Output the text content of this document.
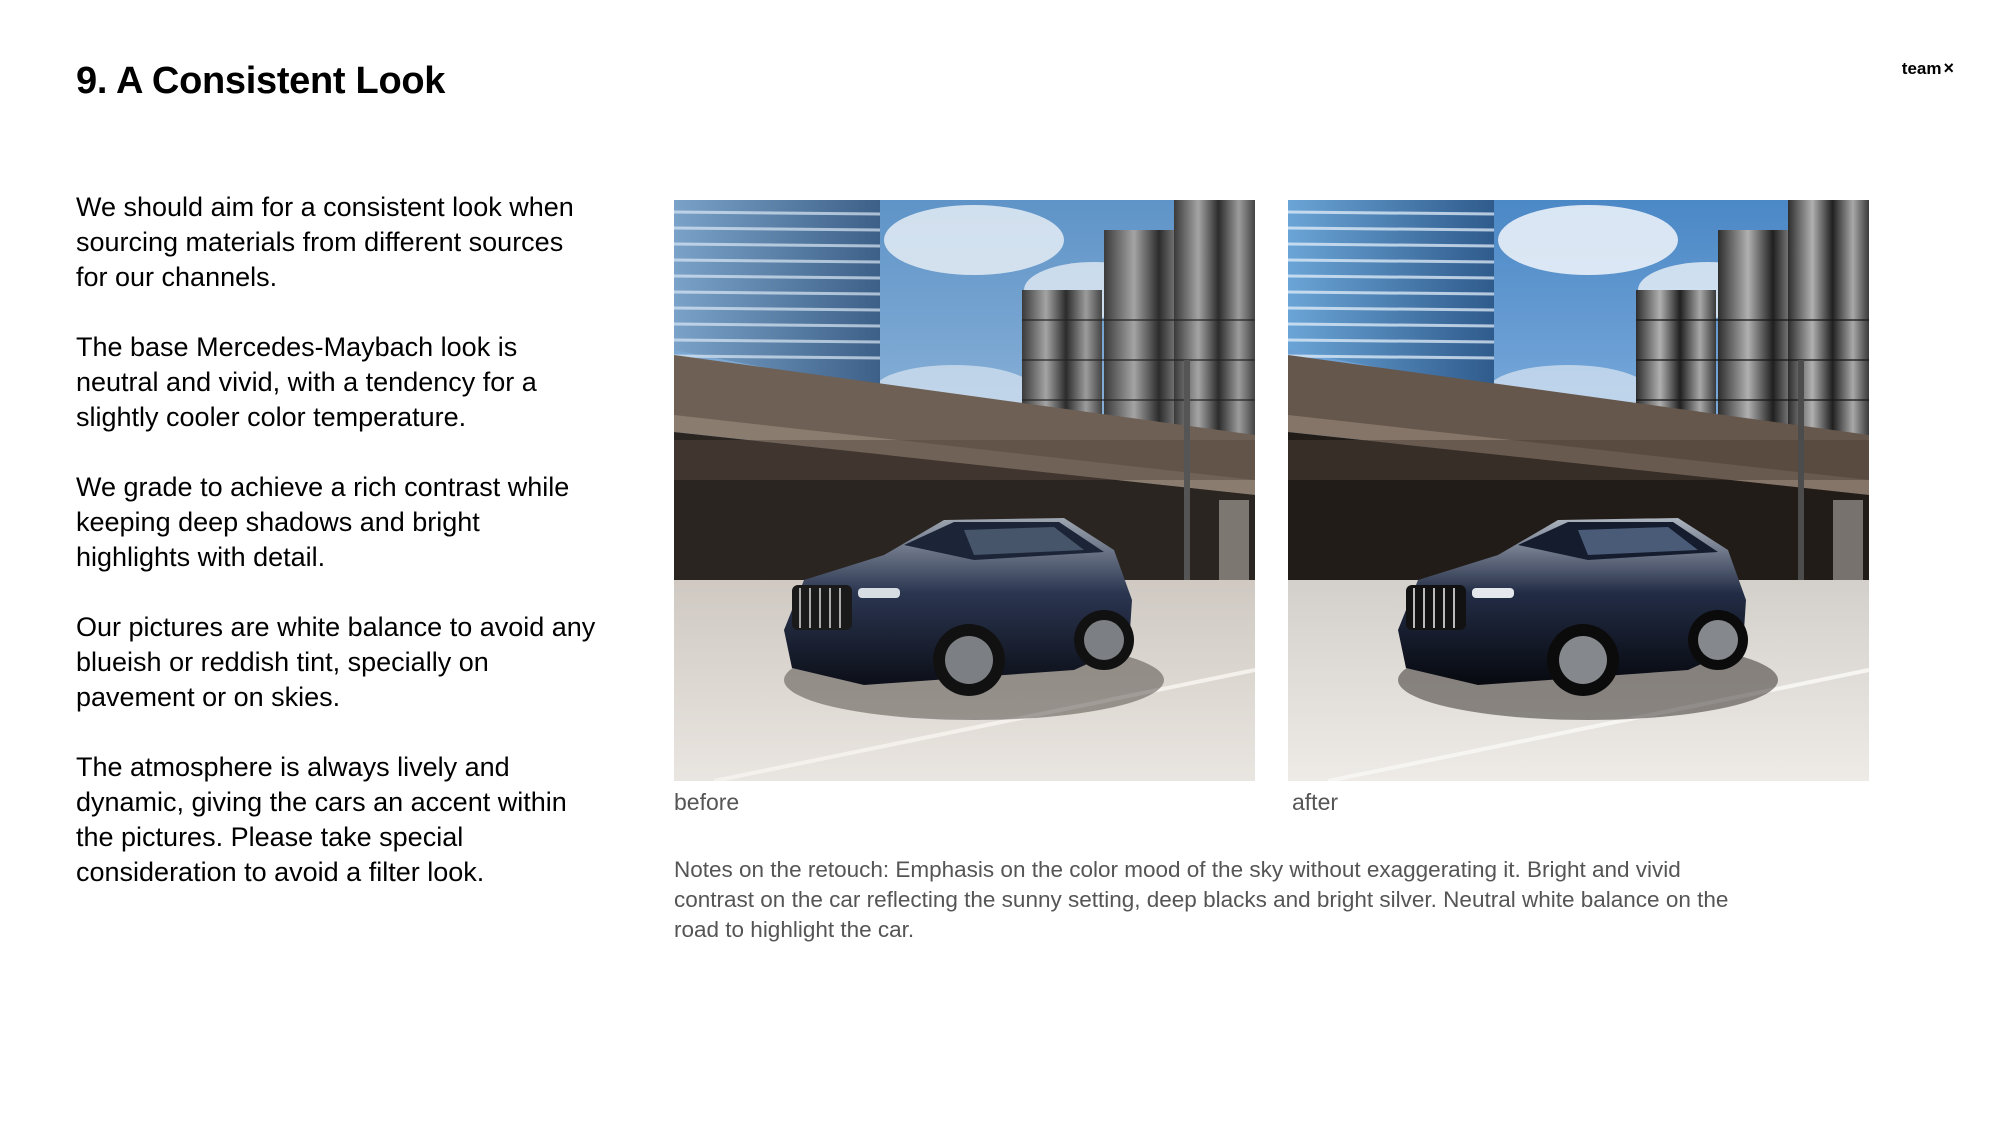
9. A Consistent Look	team ×

We should aim for a consistent look when sourcing materials from different sources for our channels.

The base Mercedes-Maybach look is neutral and vivid, with a tendency for a slightly cooler color temperature.

We grade to achieve a rich contrast while keeping deep shadows and bright highlights with detail.

Our pictures are white balance to avoid any blueish or reddish tint, specially on pavement or on skies.

The atmosphere is always lively and dynamic, giving the cars an accent within the pictures. Please take special consideration to avoid a filter look.

before	after
Notes on the retouch: Emphasis on the color mood of the sky without exaggerating it. Bright and vivid contrast on the car reflecting the sunny setting, deep blacks and bright silver. Neutral white balance on the road to highlight the car.
